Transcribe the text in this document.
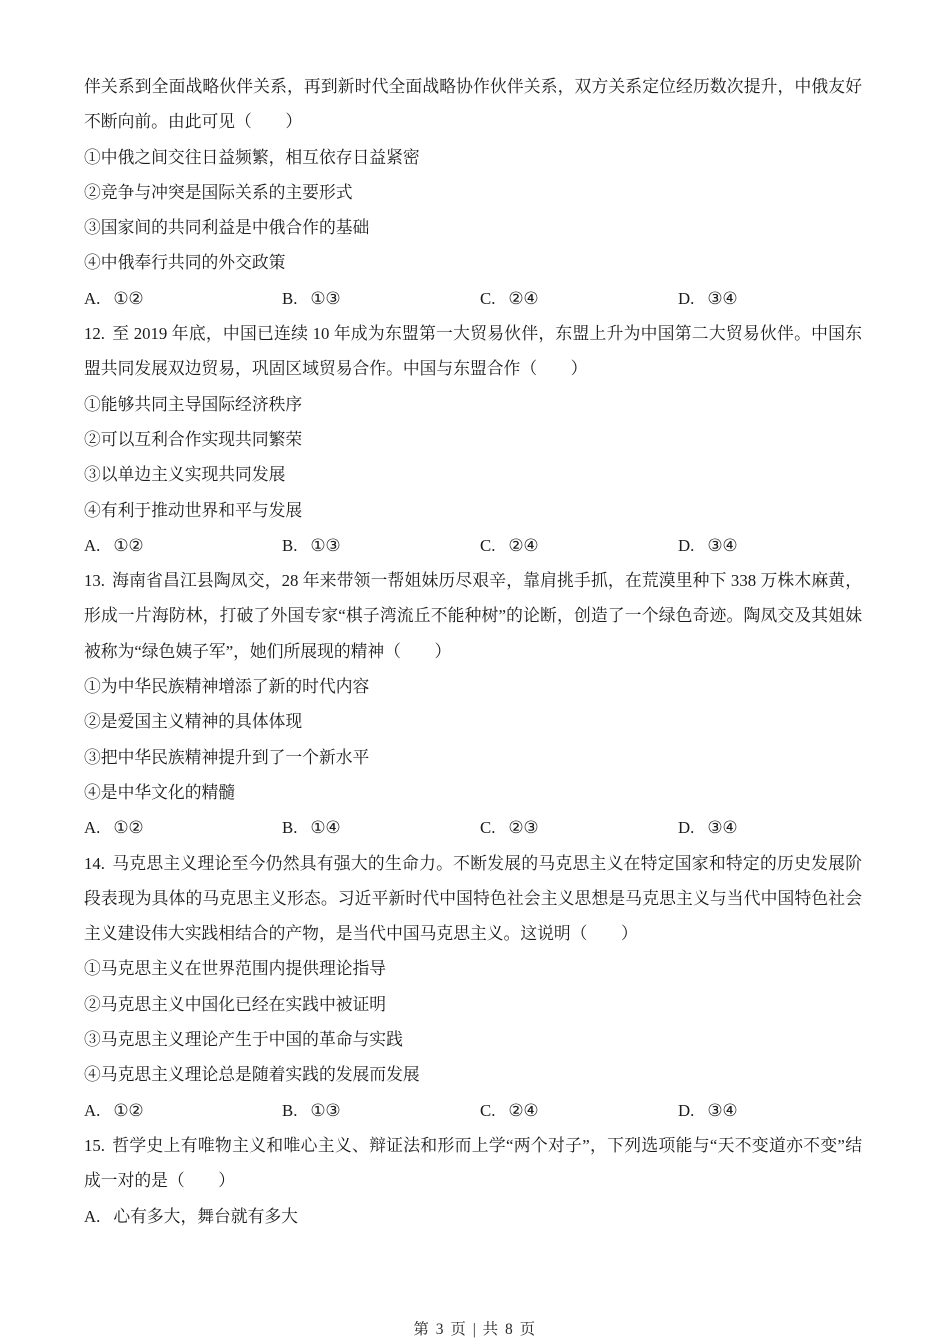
伴关系到全面战略伙伴关系，再到新时代全面战略协作伙伴关系，双方关系定位经历数次提升，中俄友好不断向前。由此可见（　　）

①中俄之间交往日益频繁，相互依存日益紧密

②竞争与冲突是国际关系的主要形式

③国家间的共同利益是中俄合作的基础

④中俄奉行共同的外交政策

A. ①②	B. ①③	C. ②④	D. ③④

12. 至 2019 年底，中国已连续 10 年成为东盟第一大贸易伙伴，东盟上升为中国第二大贸易伙伴。中国东盟共同发展双边贸易，巩固区域贸易合作。中国与东盟合作（　　）

①能够共同主导国际经济秩序

②可以互利合作实现共同繁荣

③以单边主义实现共同发展

④有利于推动世界和平与发展

A. ①②	B. ①③	C. ②④	D. ③④

13. 海南省昌江县陶凤交，28 年来带领一帮姐妹历尽艰辛，靠肩挑手抓，在荒漠里种下 338 万株木麻黄，形成一片海防林，打破了外国专家“棋子湾流丘不能种树”的论断，创造了一个绿色奇迹。陶凤交及其姐妹被称为“绿色姨子军”，她们所展现的精神（　　）

①为中华民族精神增添了新的时代内容

②是爱国主义精神的具体体现

③把中华民族精神提升到了一个新水平

④是中华文化的精髓

A. ①②	B. ①④	C. ②③	D. ③④

14. 马克思主义理论至今仍然具有强大的生命力。不断发展的马克思主义在特定国家和特定的历史发展阶段表现为具体的马克思主义形态。习近平新时代中国特色社会主义思想是马克思主义与当代中国特色社会主义建设伟大实践相结合的产物，是当代中国马克思主义。这说明（　　）

①马克思主义在世界范围内提供理论指导

②马克思主义中国化已经在实践中被证明

③马克思主义理论产生于中国的革命与实践

④马克思主义理论总是随着实践的发展而发展

A. ①②	B. ①③	C. ②④	D. ③④

15. 哲学史上有唯物主义和唯心主义、辩证法和形而上学“两个对子”，下列选项能与“天不变道亦不变”结成一对的是（　　）

A. 心有多大，舞台就有多大

第 3 页 | 共 8 页
